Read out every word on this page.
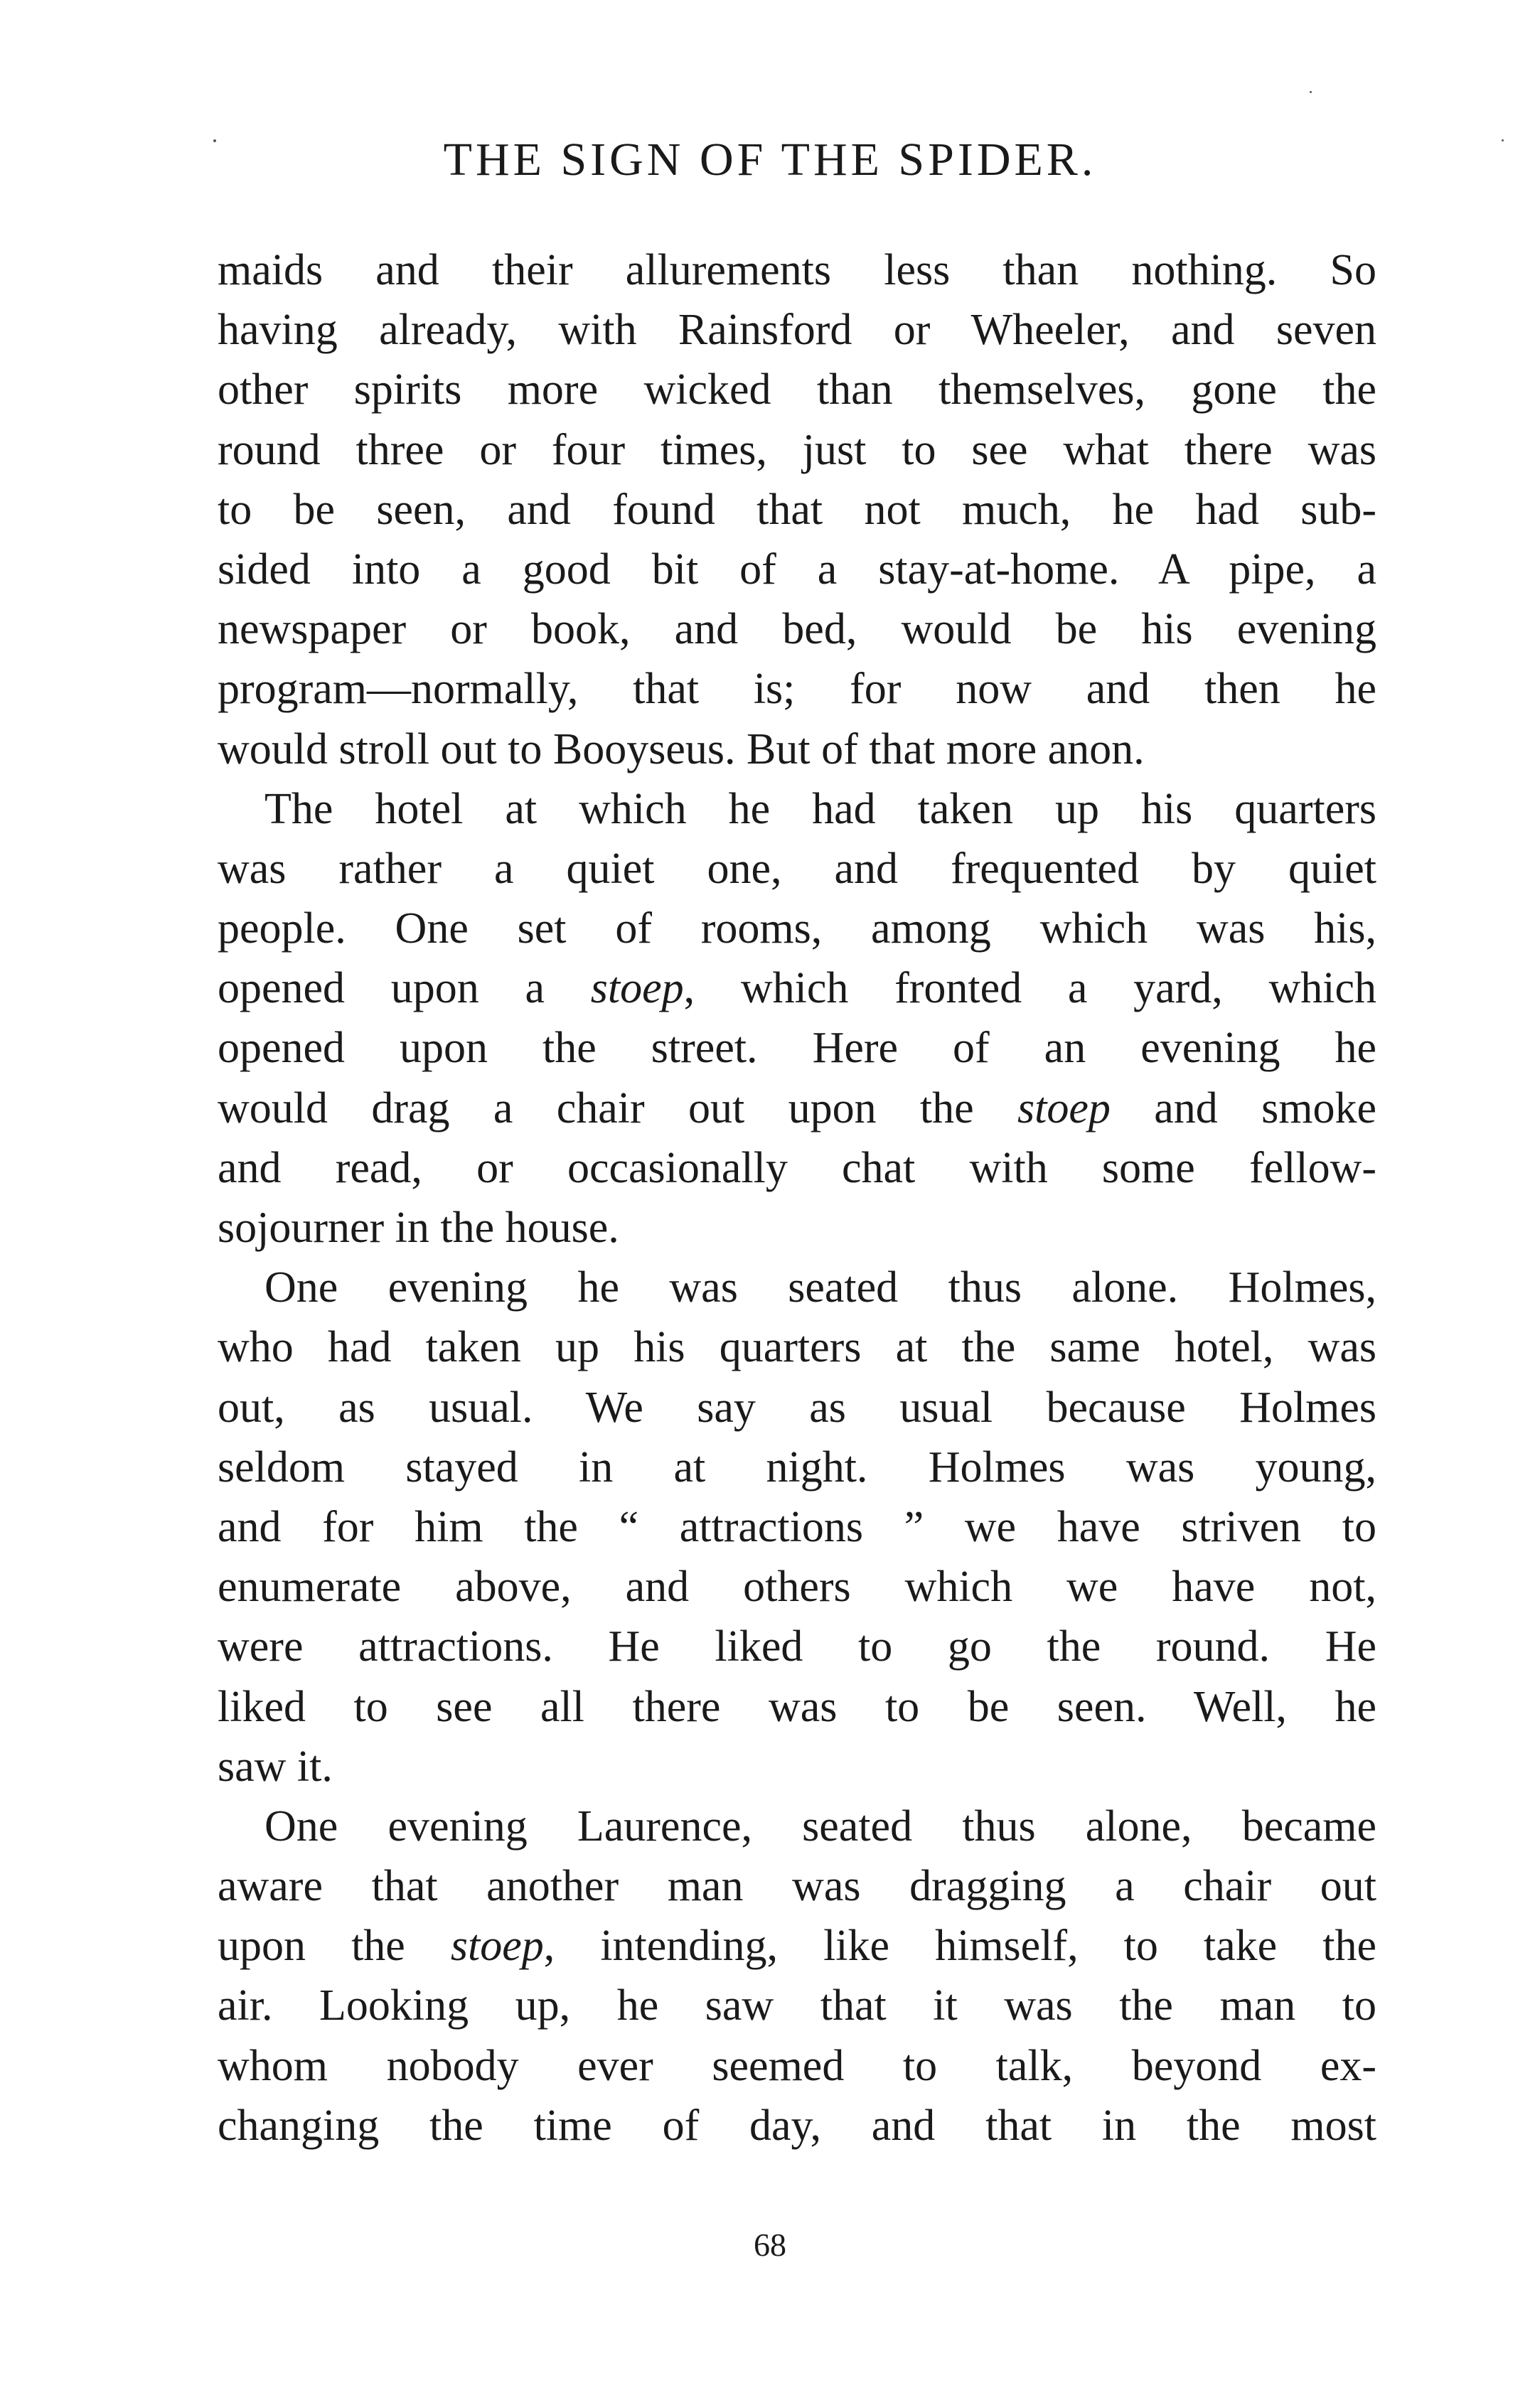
THE SIGN OF THE SPIDER.
maids and their allurements less than nothing. So
having already, with Rainsford or Wheeler, and seven
other spirits more wicked than themselves, gone the
round three or four times, just to see what there was
to be seen, and found that not much, he had sub-
sided into a good bit of a stay-at-home. A pipe, a
newspaper or book, and bed, would be his evening
program—normally, that is; for now and then he
would stroll out to Booyseus. But of that more anon.
The hotel at which he had taken up his quarters
was rather a quiet one, and frequented by quiet
people. One set of rooms, among which was his,
opened upon a stoep, which fronted a yard, which
opened upon the street. Here of an evening he
would drag a chair out upon the stoep and smoke
and read, or occasionally chat with some fellow-
sojourner in the house.
One evening he was seated thus alone. Holmes,
who had taken up his quarters at the same hotel, was
out, as usual. We say as usual because Holmes
seldom stayed in at night. Holmes was young,
and for him the “ attractions ” we have striven to
enumerate above, and others which we have not,
were attractions. He liked to go the round. He
liked to see all there was to be seen. Well, he
saw it.
One evening Laurence, seated thus alone, became
aware that another man was dragging a chair out
upon the stoep, intending, like himself, to take the
air. Looking up, he saw that it was the man to
whom nobody ever seemed to talk, beyond ex-
changing the time of day, and that in the most
68
